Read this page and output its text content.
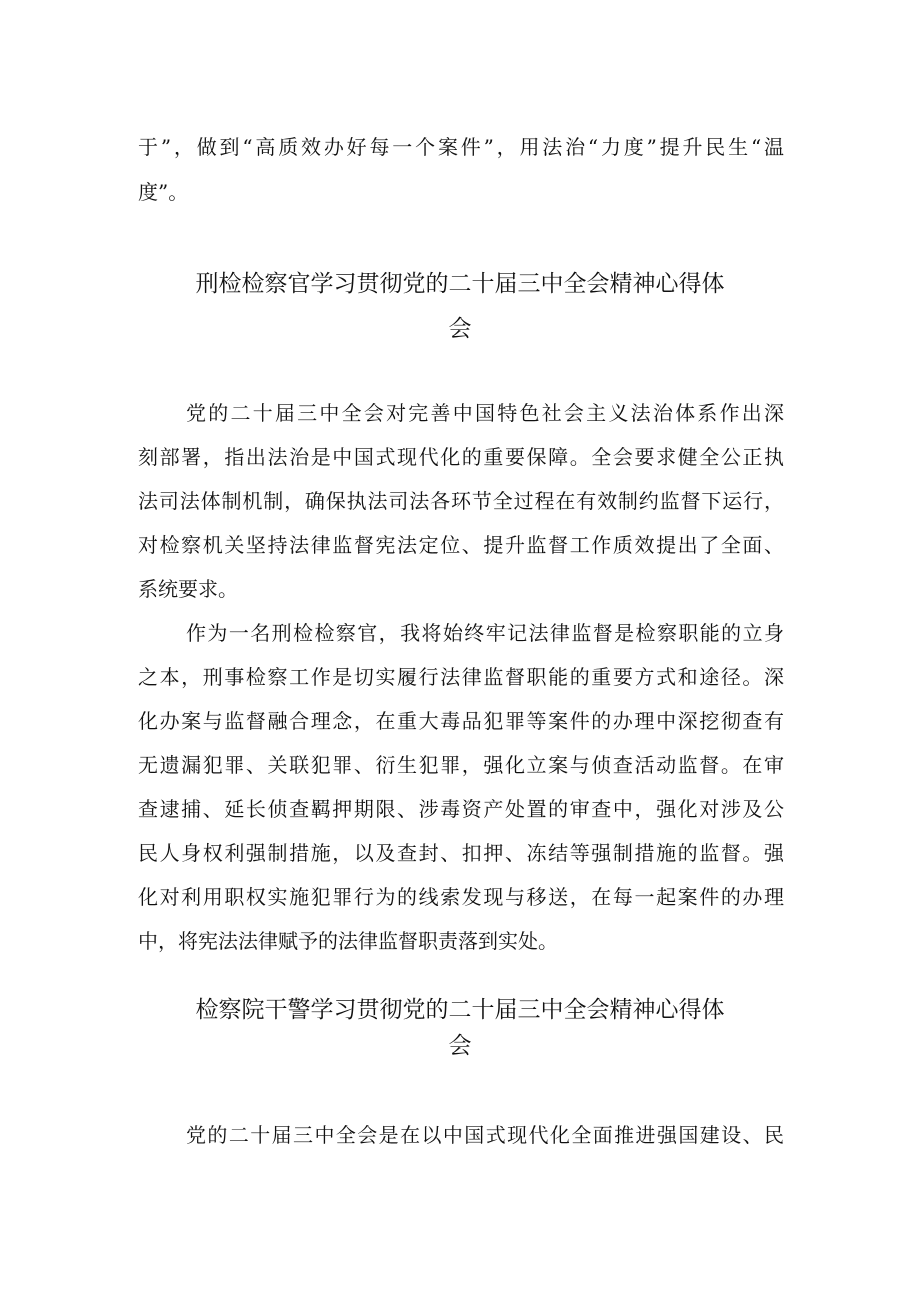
于”，做到“高质效办好每一个案件”，用法治“力度”提升民生“温
度”。
刑检检察官学习贯彻党的二十届三中全会精神心得体
会
党的二十届三中全会对完善中国特色社会主义法治体系作出深
刻部署，指出法治是中国式现代化的重要保障。全会要求健全公正执
法司法体制机制，确保执法司法各环节全过程在有效制约监督下运行，
对检察机关坚持法律监督宪法定位、提升监督工作质效提出了全面、
系统要求。
作为一名刑检检察官，我将始终牢记法律监督是检察职能的立身
之本，刑事检察工作是切实履行法律监督职能的重要方式和途径。深
化办案与监督融合理念，在重大毒品犯罪等案件的办理中深挖彻查有
无遗漏犯罪、关联犯罪、衍生犯罪，强化立案与侦查活动监督。在审
查逮捕、延长侦查羁押期限、涉毒资产处置的审查中，强化对涉及公
民人身权利强制措施，以及查封、扣押、冻结等强制措施的监督。强
化对利用职权实施犯罪行为的线索发现与移送，在每一起案件的办理
中，将宪法法律赋予的法律监督职责落到实处。
检察院干警学习贯彻党的二十届三中全会精神心得体
会
党的二十届三中全会是在以中国式现代化全面推进强国建设、民
